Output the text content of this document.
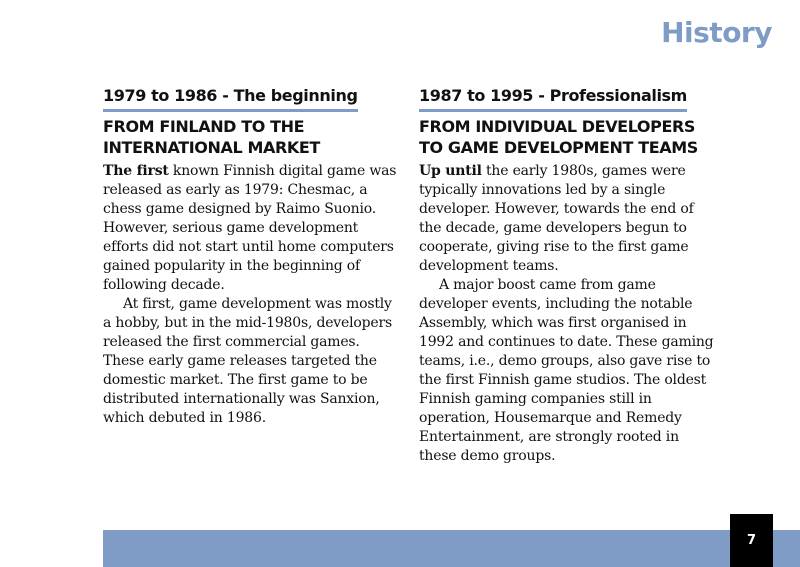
History
1979 to 1986 - The beginning
FROM FINLAND TO THE INTERNATIONAL MARKET

The first known Finnish digital game was released as early as 1979: Chesmac, a chess game designed by Raimo Suonio. However, serious game development efforts did not start until home computers gained popularity in the beginning of following decade.

At first, game development was mostly a hobby, but in the mid-1980s, developers released the first commercial games. These early game releases targeted the domestic market. The first game to be distributed internationally was Sanxion, which debuted in 1986.

1987 to 1995 - Professionalism
FROM INDIVIDUAL DEVELOPERS TO GAME DEVELOPMENT TEAMS

Up until the early 1980s, games were typically innovations led by a single developer. However, towards the end of the decade, game developers begun to cooperate, giving rise to the first game development teams.

A major boost came from game developer events, including the notable Assembly, which was first organised in 1992 and continues to date. These gaming teams, i.e., demo groups, also gave rise to the first Finnish game studios. The oldest Finnish gaming companies still in operation, Housemarque and Remedy Entertainment, are strongly rooted in these demo groups.

7
